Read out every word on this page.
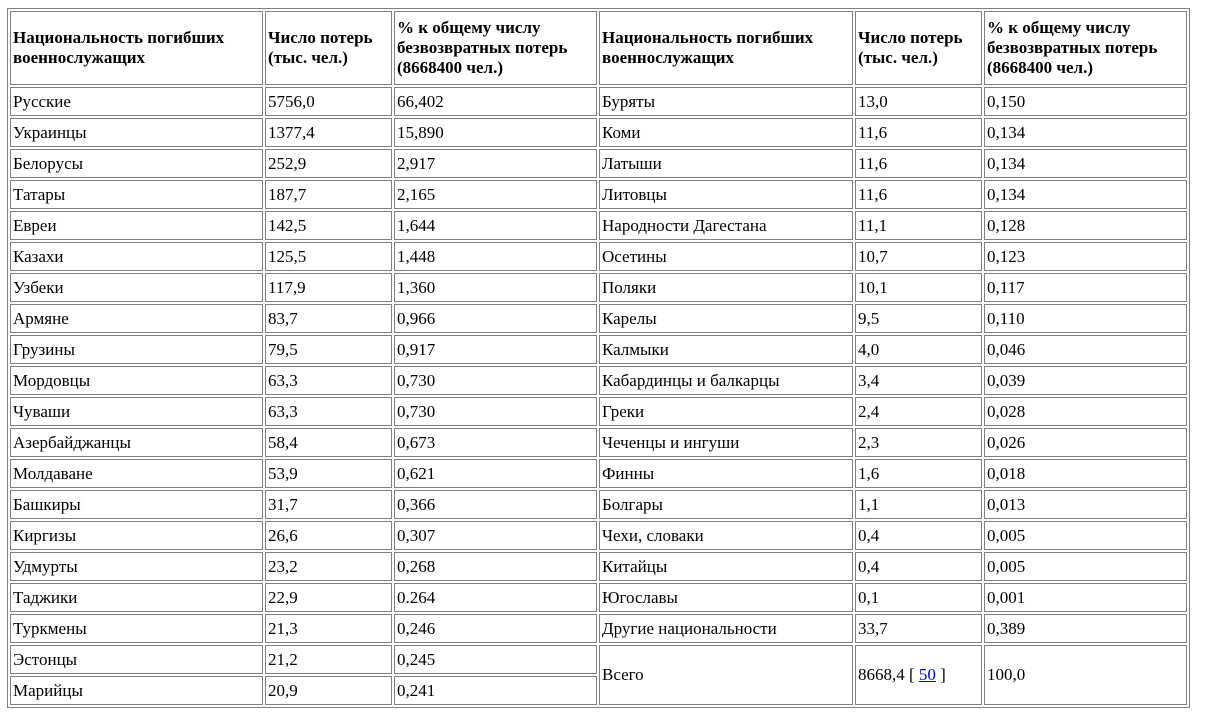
Национальность погибших военнослужащих	Число потерь (тыс. чел.)	% к общему числу безвозвратных потерь (8668400 чел.)	Национальность погибших военнослужащих	Число потерь (тыс. чел.)	% к общему числу безвозвратных потерь (8668400 чел.)
Русские	5756,0	66,402	Буряты	13,0	0,150
Украинцы	1377,4	15,890	Коми	11,6	0,134
Белорусы	252,9	2,917	Латыши	11,6	0,134
Татары	187,7	2,165	Литовцы	11,6	0,134
Евреи	142,5	1,644	Народности Дагестана	11,1	0,128
Казахи	125,5	1,448	Осетины	10,7	0,123
Узбеки	117,9	1,360	Поляки	10,1	0,117
Армяне	83,7	0,966	Карелы	9,5	0,110
Грузины	79,5	0,917	Калмыки	4,0	0,046
Мордовцы	63,3	0,730	Кабардинцы и балкарцы	3,4	0,039
Чуваши	63,3	0,730	Греки	2,4	0,028
Азербайджанцы	58,4	0,673	Чеченцы и ингуши	2,3	0,026
Молдаване	53,9	0,621	Финны	1,6	0,018
Башкиры	31,7	0,366	Болгары	1,1	0,013
Киргизы	26,6	0,307	Чехи, словаки	0,4	0,005
Удмурты	23,2	0,268	Китайцы	0,4	0,005
Таджики	22,9	0.264	Югославы	0,1	0,001
Туркмены	21,3	0,246	Другие национальности	33,7	0,389
Эстонцы	21,2	0,245	Всего	8668,4 [ 50 ]	100,0
Марийцы	20,9	0,241			
